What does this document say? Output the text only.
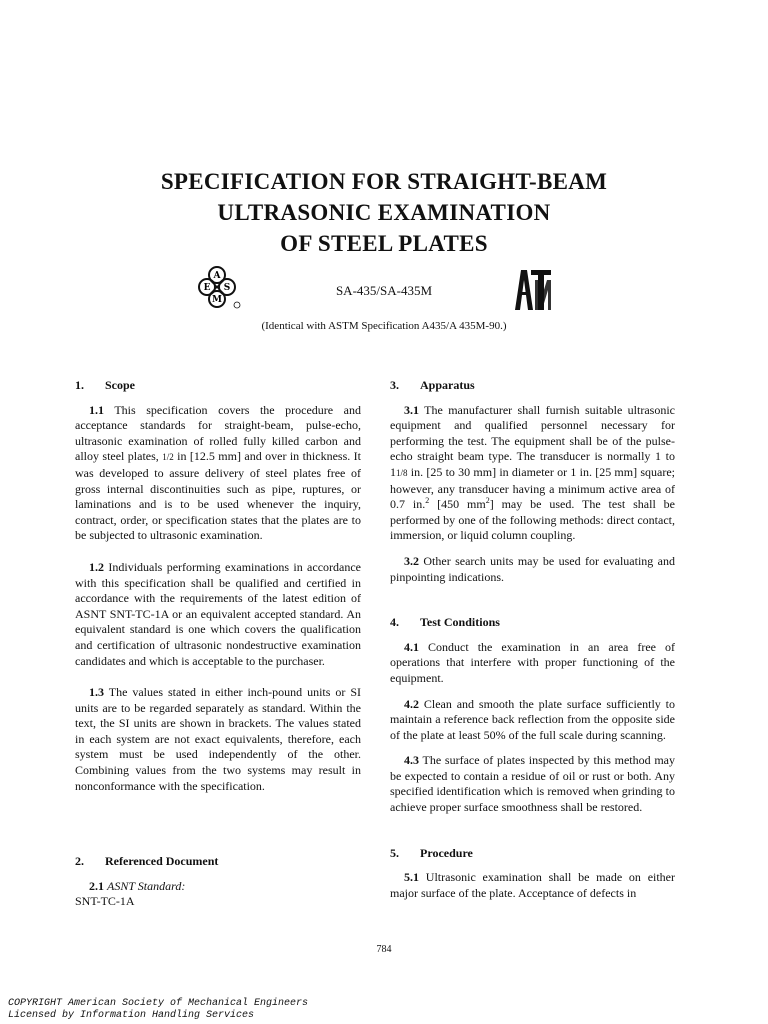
SPECIFICATION FOR STRAIGHT-BEAM
ULTRASONIC EXAMINATION
OF STEEL PLATES
A
E S
M
SA-435/SA-435M
(Identical with ASTM Specification A435/A 435M-90.)
1.	Scope

1.1 This specification covers the procedure and acceptance standards for straight-beam, pulse-echo, ultrasonic examination of rolled fully killed carbon and alloy steel plates, 1/2 in [12.5 mm] and over in thickness. It was developed to assure delivery of steel plates free of gross internal discontinuities such as pipe, ruptures, or laminations and is to be used whenever the inquiry, contract, order, or specification states that the plates are to be subjected to ultrasonic examination.

1.2 Individuals performing examinations in accordance with this specification shall be qualified and certified in accordance with the requirements of the latest edition of ASNT SNT-TC-1A or an equivalent accepted standard. An equivalent standard is one which covers the qualification and certification of ultrasonic nondestructive examination candidates and which is acceptable to the purchaser.

1.3 The values stated in either inch-pound units or SI units are to be regarded separately as standard. Within the text, the SI units are shown in brackets. The values stated in each system are not exact equivalents, therefore, each system must be used independently of the other. Combining values from the two systems may result in nonconformance with the specification.

2.	Referenced Document

2.1 ASNT Standard:

SNT-TC-1A

3.	Apparatus

3.1 The manufacturer shall furnish suitable ultrasonic equipment and qualified personnel necessary for performing the test. The equipment shall be of the pulse-echo straight beam type. The transducer is normally 1 to 11/8 in. [25 to 30 mm] in diameter or 1 in. [25 mm] square; however, any transducer having a minimum active area of 0.7 in.$^2$ [450 $mm^2$] may be used. The test shall be performed by one of the following methods: direct contact, immersion, or liquid column coupling.

3.2 Other search units may be used for evaluating and pinpointing indications.

4.	Test Conditions

4.1 Conduct the examination in an area free of operations that interfere with proper functioning of the equipment.

4.2 Clean and smooth the plate surface sufficiently to maintain a reference back reflection from the opposite side of the plate at least 50% of the full scale during scanning.

4.3 The surface of plates inspected by this method may be expected to contain a residue of oil or rust or both. Any specified identification which is removed when grinding to achieve proper surface smoothness shall be restored.

5.	Procedure

5.1 Ultrasonic examination shall be made on either major surface of the plate. Acceptance of defects in

784
COPYRIGHT American Society of Mechanical Engineers
Licensed by Information Handling Services
